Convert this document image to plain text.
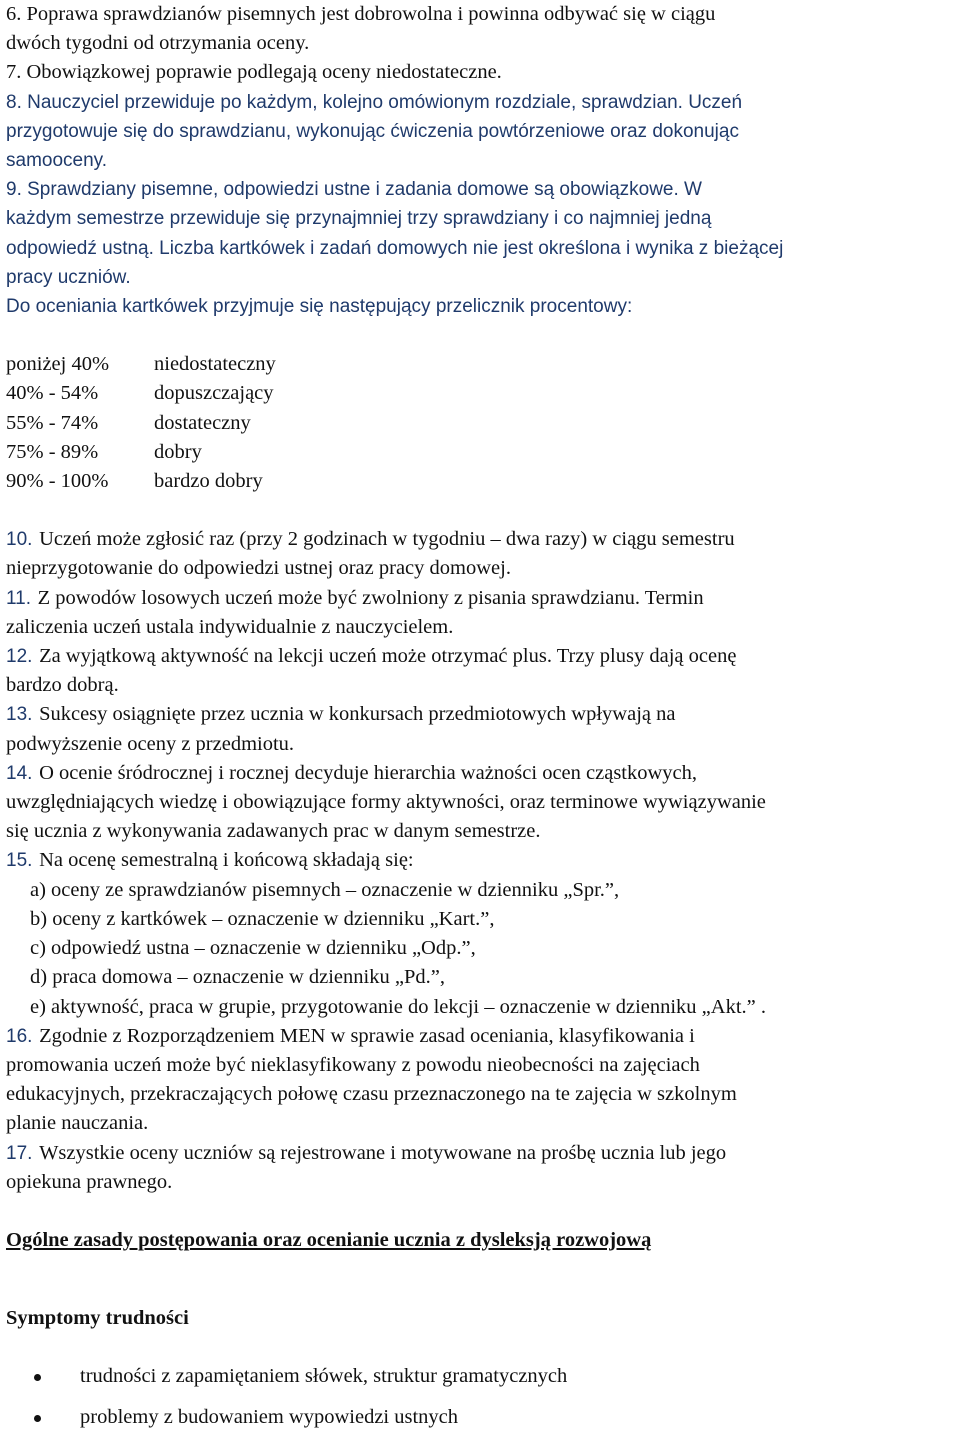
6. Poprawa sprawdzianów pisemnych jest dobrowolna i powinna odbywać się w ciągu
dwóch tygodni od otrzymania oceny.

7. Obowiązkowej poprawie podlegają oceny niedostateczne.

8. Nauczyciel przewiduje po każdym, kolejno omówionym rozdziale, sprawdzian. Uczeń
przygotowuje się do sprawdzianu, wykonując ćwiczenia powtórzeniowe oraz dokonując
samooceny.

9. Sprawdziany pisemne, odpowiedzi ustne i zadania domowe są obowiązkowe. W
każdym semestrze przewiduje się przynajmniej trzy sprawdziany i co najmniej jedną
odpowiedź ustną. Liczba kartkówek i zadań domowych nie jest określona i wynika z bieżącej
pracy uczniów.

Do oceniania kartkówek przyjmuje się następujący przelicznik procentowy:

poniżej 40%	niedostateczny
40% - 54%	dopuszczający
55% - 74%	dostateczny
75% - 89%	dobry
90% - 100%	bardzo dobry

10. Uczeń może zgłosić raz (przy 2 godzinach w tygodniu – dwa razy) w ciągu semestru
nieprzygotowanie do odpowiedzi ustnej oraz pracy domowej.

11. Z powodów losowych uczeń może być zwolniony z pisania sprawdzianu. Termin
zaliczenia uczeń ustala indywidualnie z nauczycielem.

12. Za wyjątkową aktywność na lekcji uczeń może otrzymać plus. Trzy plusy dają ocenę
bardzo dobrą.

13. Sukcesy osiągnięte przez ucznia w konkursach przedmiotowych wpływają na
podwyższenie oceny z przedmiotu.

14. O ocenie śródrocznej i rocznej decyduje hierarchia ważności ocen cząstkowych,
uwzględniających wiedzę i obowiązujące formy aktywności, oraz terminowe wywiązywanie
się ucznia z wykonywania zadawanych prac w danym semestrze.

15. Na ocenę semestralną i końcową składają się:

a) oceny ze sprawdzianów pisemnych – oznaczenie w dzienniku „Spr.”,
b) oceny z kartkówek – oznaczenie w dzienniku „Kart.”,
c) odpowiedź ustna – oznaczenie w dzienniku „Odp.”,
d) praca domowa – oznaczenie w dzienniku „Pd.”,
e) aktywność, praca w grupie, przygotowanie do lekcji – oznaczenie w dzienniku „Akt.” .

16. Zgodnie z Rozporządzeniem MEN w sprawie zasad oceniania, klasyfikowania i
promowania uczeń może być nieklasyfikowany z powodu nieobecności na zajęciach
edukacyjnych, przekraczających połowę czasu przeznaczonego na te zajęcia w szkolnym
planie nauczania.

17. Wszystkie oceny uczniów są rejestrowane i motywowane na prośbę ucznia lub jego
opiekuna prawnego.

Ogólne zasady postępowania oraz ocenianie ucznia z dysleksją rozwojową

Symptomy trudności

trudności z zapamiętaniem słówek, struktur gramatycznych
problemy z budowaniem wypowiedzi ustnych
